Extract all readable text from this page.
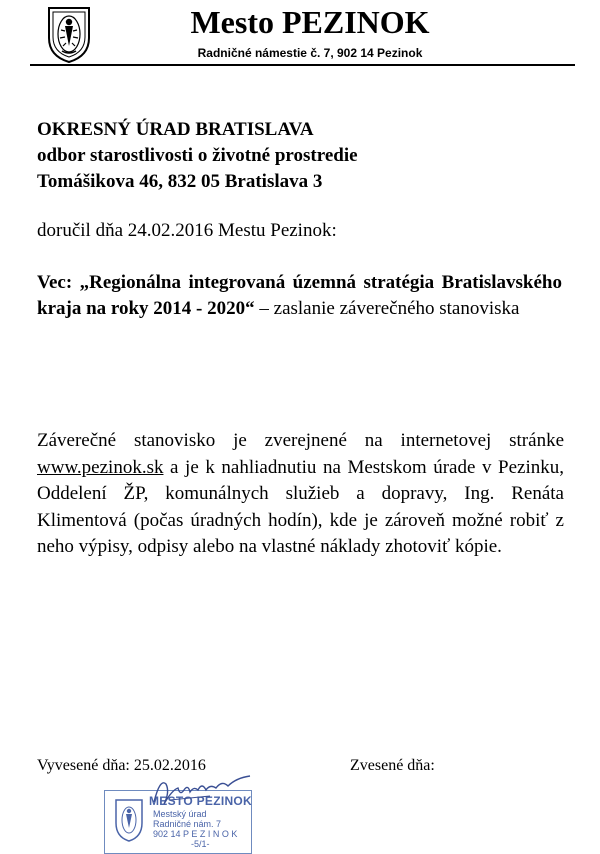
Mesto PEZINOK
Radničné námestie č. 7, 902 14 Pezinok
OKRESNÝ ÚRAD BRATISLAVA
odbor starostlivosti o životné prostredie
Tomášikova 46, 832 05 Bratislava 3
doručil dňa 24.02.2016 Mestu Pezinok:
Vec: „Regionálna integrovaná územná stratégia Bratislavského kraja na roky 2014 - 2020“ – zaslanie záverečného stanoviska
Záverečné stanovisko je zverejnené na internetovej stránke www.pezinok.sk a je k nahliadnutiu na Mestskom úrade v Pezinku, Oddelení ŽP, komunálnych služieb a dopravy, Ing. Renáta Klimentová (počas úradných hodín), kde je zároveň možné robiť z neho výpisy, odpisy alebo na vlastné náklady zhotoviť kópie.
Vyvesené dňa: 25.02.2016	Zvesené dňa:
MESTO PEZINOK
Mestský úrad
Radničné nám. 7
902 14 P E Z I N O K
-5/1-
